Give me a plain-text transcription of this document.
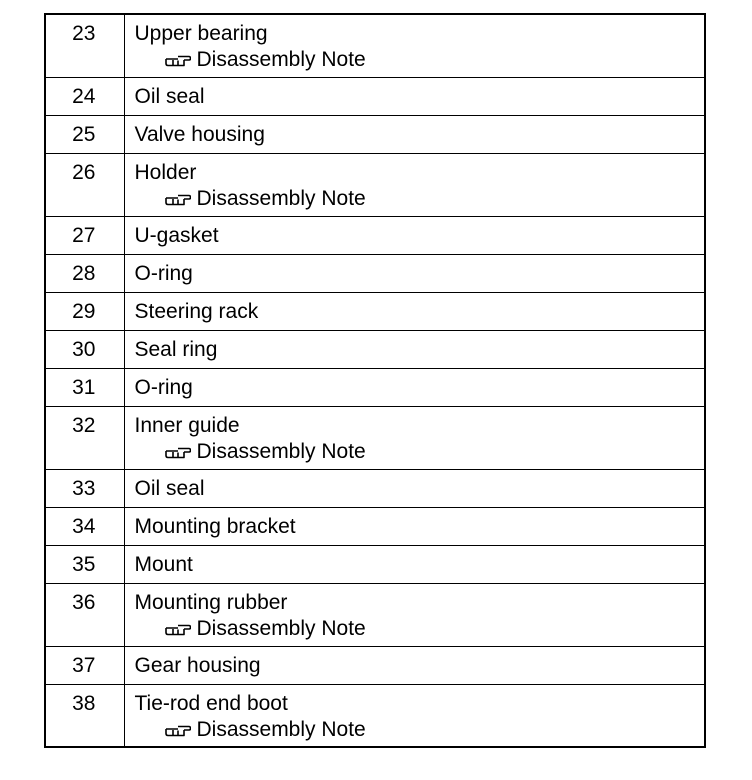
23	Upper bearing
Disassembly Note

24	Oil seal
25	Valve housing
26	Holder
Disassembly Note

27	U-gasket
28	O-ring
29	Steering rack
30	Seal ring
31	O-ring
32	Inner guide
Disassembly Note

33	Oil seal
34	Mounting bracket
35	Mount
36	Mounting rubber
Disassembly Note

37	Gear housing
38	Tie-rod end boot
Disassembly Note
